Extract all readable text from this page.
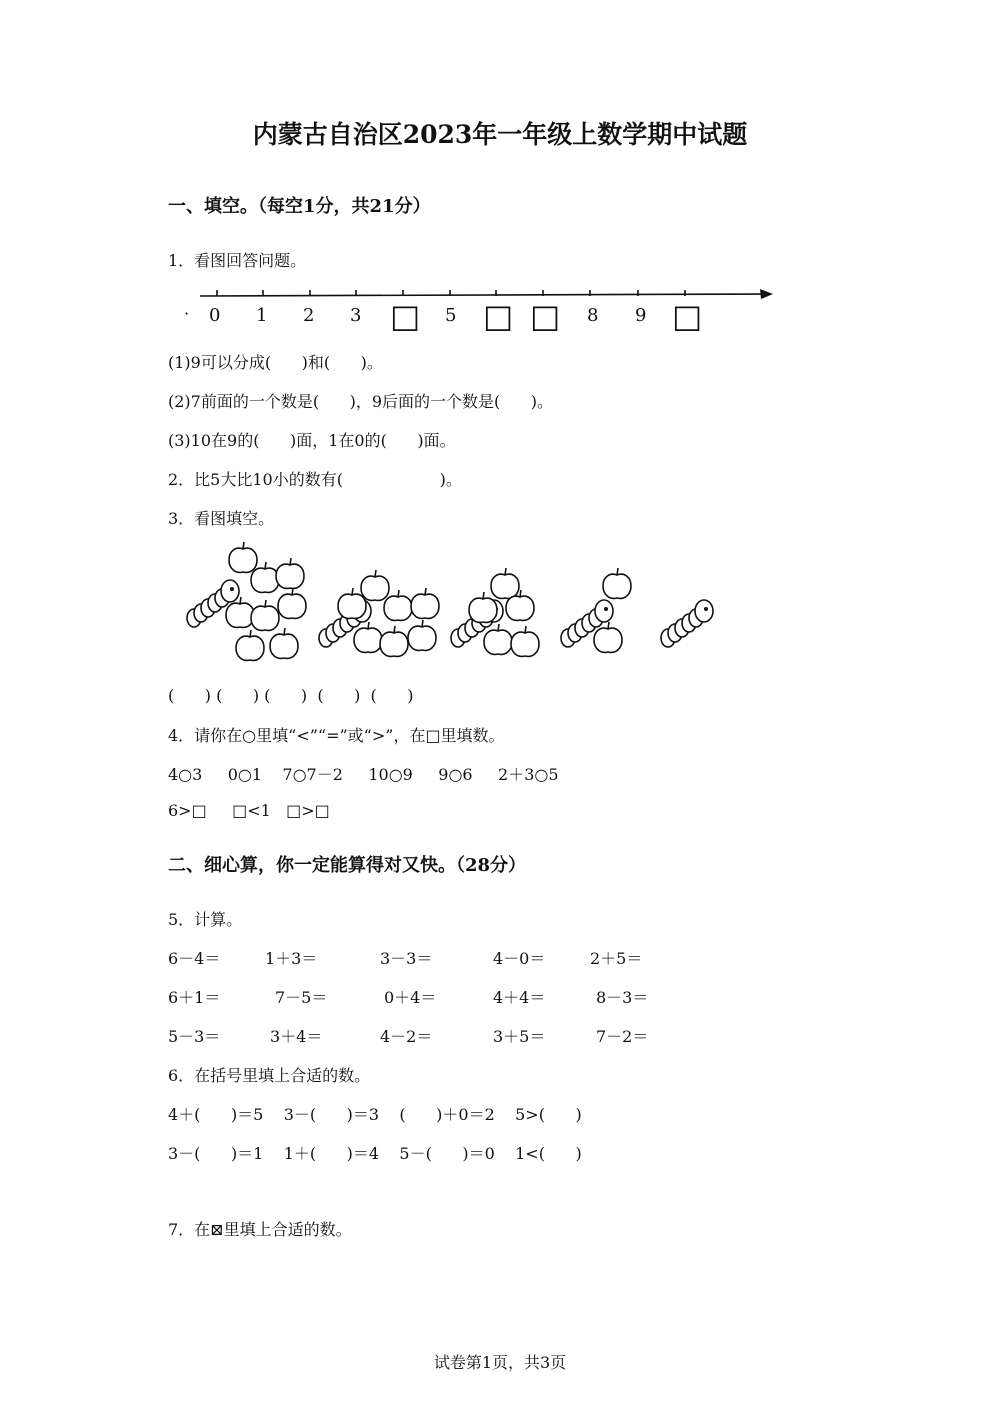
内蒙古自治区2023年一年级上数学期中试题
一、填空。（每空1分，共21分）
1．看图回答问题。
· 0 1 2 3 □ 5 □ □ 8 9 □
(1)9可以分成(      )和(      )。
(2)7前面的一个数是(      )，9后面的一个数是(      )。
(3)10在9的(      )面，1在0的(      )面。
2．比5大比10小的数有(                   )。
3．看图填空。
(      ) (      ) (      )  (      )  (      )
4．请你在○里填“<”“=”或“>”，在□里填数。
4○3     0○1    7○7－2     10○9     9○6     2＋3○5
6>□     □<1   □>□
二、细心算，你一定能算得对又快。（28分）
5．计算。
6－4＝	1＋3＝	3－3＝	4－0＝	2＋5＝
6＋1＝	7－5＝	0＋4＝	4＋4＝	8－3＝
5－3＝	3＋4＝	4－2＝	3＋5＝	7－2＝
6．在括号里填上合适的数。
4＋(      )＝5    3－(      )＝3    (      )＋0＝2    5>(      )
3－(      )＝1    1＋(      )＝4    5－(      )＝0    1<(      )
7．在⊠里填上合适的数。
试卷第1页，共3页
